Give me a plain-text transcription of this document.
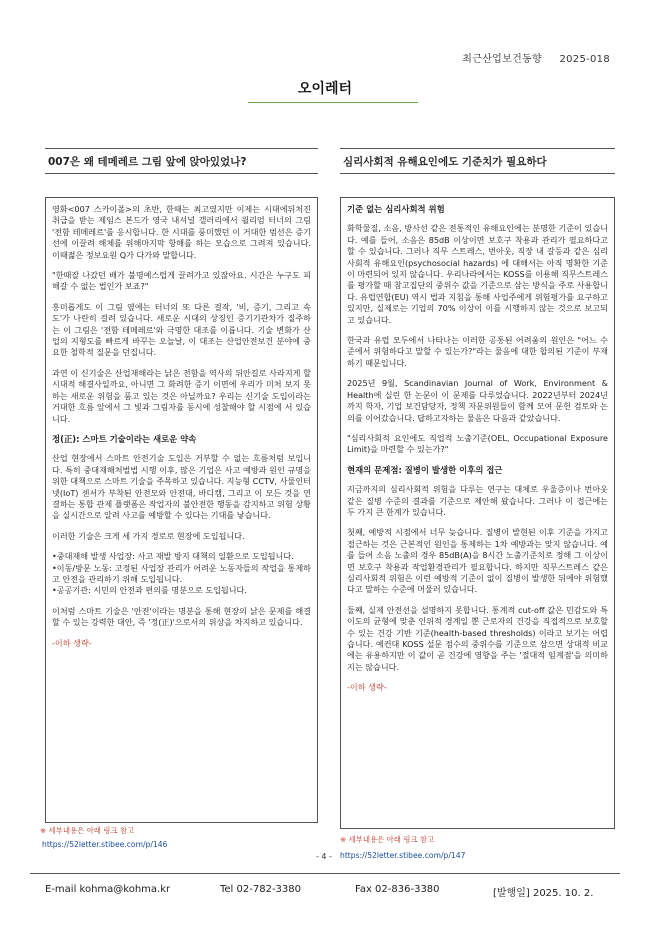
최근산업보건동향 2025-018
오이레터
007은 왜 테메레르 그림 앞에 앉아있었나?	심리사회적 유해요인에도 기준치가 필요하다

영화<007 스카이폴>의 초반, 한때는 최고였지만 이제는 시대에뒤처진 취급을 받는 제임스 본드가 영국 내셔널 갤러리에서 윌리엄 터너의 그림 '전함 테메레르'를 응시합니다. 한 시대를 풍미했던 이 거대한 범선은 증기선에 이끌려 해체를 위해마지막 항해를 하는 모습으로 그려져 있습니다. 이때젊은 정보요원 Q가 다가와 말합니다.

"한때잘 나갔던 배가 불명예스럽게 끌려가고 있잖아요. 시간은 누구도 피해갈 수 없는 법인가 보죠?"

흥미롭게도 이 그림 옆에는 터너의 또 다른 걸작, '비, 증기, 그리고 속도'가 나란히 걸려 있습니다. 새로운 시대의 상징인 증기기관차가 질주하는 이 그림은 '전함 테메레르'와 극명한 대조를 이룹니다. 기술 변화가 산업의 지형도를 빠르게 바꾸는 오늘날, 이 대조는 산업안전보건 분야에 중요한 철학적 질문을 던집니다.

과연 이 신기술은 산업재해라는 낡은 전함을 역사의 뒤안길로 사라지게 할 시대적 해결사일까요, 아니면 그 화려한 증기 이면에 우리가 미처 보지 못하는 새로운 위험을 품고 있는 것은 아닐까요? 우리는 신기술 도입이라는 거대한 흐름 앞에서 그 빛과 그림자를 동시에 성찰해야 할 시점에 서 있습니다.

정(正): 스마트 기술이라는 새로운 약속

산업 현장에서 스마트 안전기술 도입은 거부할 수 없는 흐름처럼 보입니다. 특히 중대재해처벌법 시행 이후, 많은 기업은 사고 예방과 원인 규명을 위한 대책으로 스마트 기술을 주목하고 있습니다. 지능형 CCTV, 사물인터넷(IoT) 센서가 부착된 안전모와 안전대, 바디캠, 그리고 이 모든 것을 연결하는 통합 관제 플랫폼은 작업자의 불안전한 행동을 감지하고 위험 상황을 실시간으로 알려 사고를 예방할 수 있다는 기대를 낳습니다.

이러한 기술은 크게 세 가지 경로로 현장에 도입됩니다.

•중대재해 발생 사업장: 사고 재발 방지 대책의 일환으로 도입됩니다.

•이동/방문 노동: 고정된 사업장 관리가 어려운 노동자들의 작업을 통제하고 안전을 관리하기 위해 도입됩니다.

•공공기관: 시민의 안전과 편의를 명분으로 도입됩니다.

이처럼 스마트 기술은 '안전'이라는 명분을 통해 현장의 낡은 문제를 해결할 수 있는 강력한 대안, 즉 '정(正)'으로서의 위상을 차지하고 있습니다.

-이하 생략-

기준 없는 심리사회적 위험

화학물질, 소음, 방사선 같은 전통적인 유해요인에는 분명한 기준이 있습니다. 예를 들어, 소음은 85dB 이상이면 보호구 착용과 관리가 필요하다고 할 수 있습니다. 그러나 직무 스트레스, 번아웃, 직장 내 갈등과 같은 심리사회적 유해요인(psychosocial hazards) 에 대해서는 아직 명확한 기준이 마련되어 있지 않습니다. 우리나라에서는 KOSS를 이용해 직무스트레스를 평가할 때 참고집단의 중위수 값을 기준으로 삼는 방식을 주로 사용합니다. 유럽연합(EU) 역시 법과 지침을 통해 사업주에게 위험평가를 요구하고 있지만, 실제로는 기업의 70% 이상이 이를 시행하지 않는 것으로 보고되고 있습니다.

한국과 유럽 모두에서 나타나는 이러한 공통된 어려움의 원인은 "어느 수준에서 위험하다고 말할 수 있는가?"라는 물음에 대한 합의된 기준이 부재하기 때문입니다.

2025년 9월, Scandinavian Journal of Work, Environment & Health에 실린 한 논문이 이 문제를 다루었습니다. 2022년부터 2024년까지 학자, 기업 보건담당자, 정책 자문위원들이 함께 모여 문헌 검토와 논의를 이어갔습니다. 답하고자하는 물음은 다음과 같았습니다.

"심리사회적 요인에도 직업적 노출기준(OEL, Occupational Exposure Limit)을 마련할 수 있는가?"

현재의 문제점: 질병이 발생한 이후의 접근

지금까지의 심리사회적 위험을 다루는 연구는 대체로 우울증이나 번아웃 같은 질병 수준의 결과를 기준으로 제안해 왔습니다. 그러나 이 접근에는 두 가지 큰 한계가 있습니다.

첫째, 예방적 시점에서 너무 늦습니다. 질병이 발현된 이후 기준을 가지고 접근하는 것은 근본적인 원인을 통제하는 1차 예방과는 맞지 않습니다. 예를 들어 소음 노출의 경우 85dB(A)을 8시간 노출기준치로 정해 그 이상이면 보호구 착용과 작업환경관리가 필요합니다. 하지만 직무스트레스 같은 심리사회적 위험은 이런 예방적 기준이 없이 질병이 발생한 뒤에야 위험했다고 말하는 수준에 머물러 있습니다.

둘째, 실제 안전선을 설명하지 못합니다. 통계적 cut-off 값은 민감도와 특이도의 균형에 맞춘 인위적 경계일 뿐 근로자의 건강을 직접적으로 보호할 수 있는 건강 기반 기준(health-based thresholds) 이라고 보기는 어렵습니다. 예컨대 KOSS 설문 점수의 중위수를 기준으로 삼으면 상대적 비교에는 유용하지만 이 값이 곧 건강에 영향을 주는 '절대적 임계점'을 의미하지는 않습니다.

-이하 생략-

※ 세부내용은 아래 링크 참고
https://52letter.stibee.com/p/146
※ 세부내용은 아래 링크 참고
https://52letter.stibee.com/p/147
- 4 -
E-mail kohma@kohma.kr	Tel 02-782-3380	Fax 02-836-3380	[발행일] 2025. 10. 2.
